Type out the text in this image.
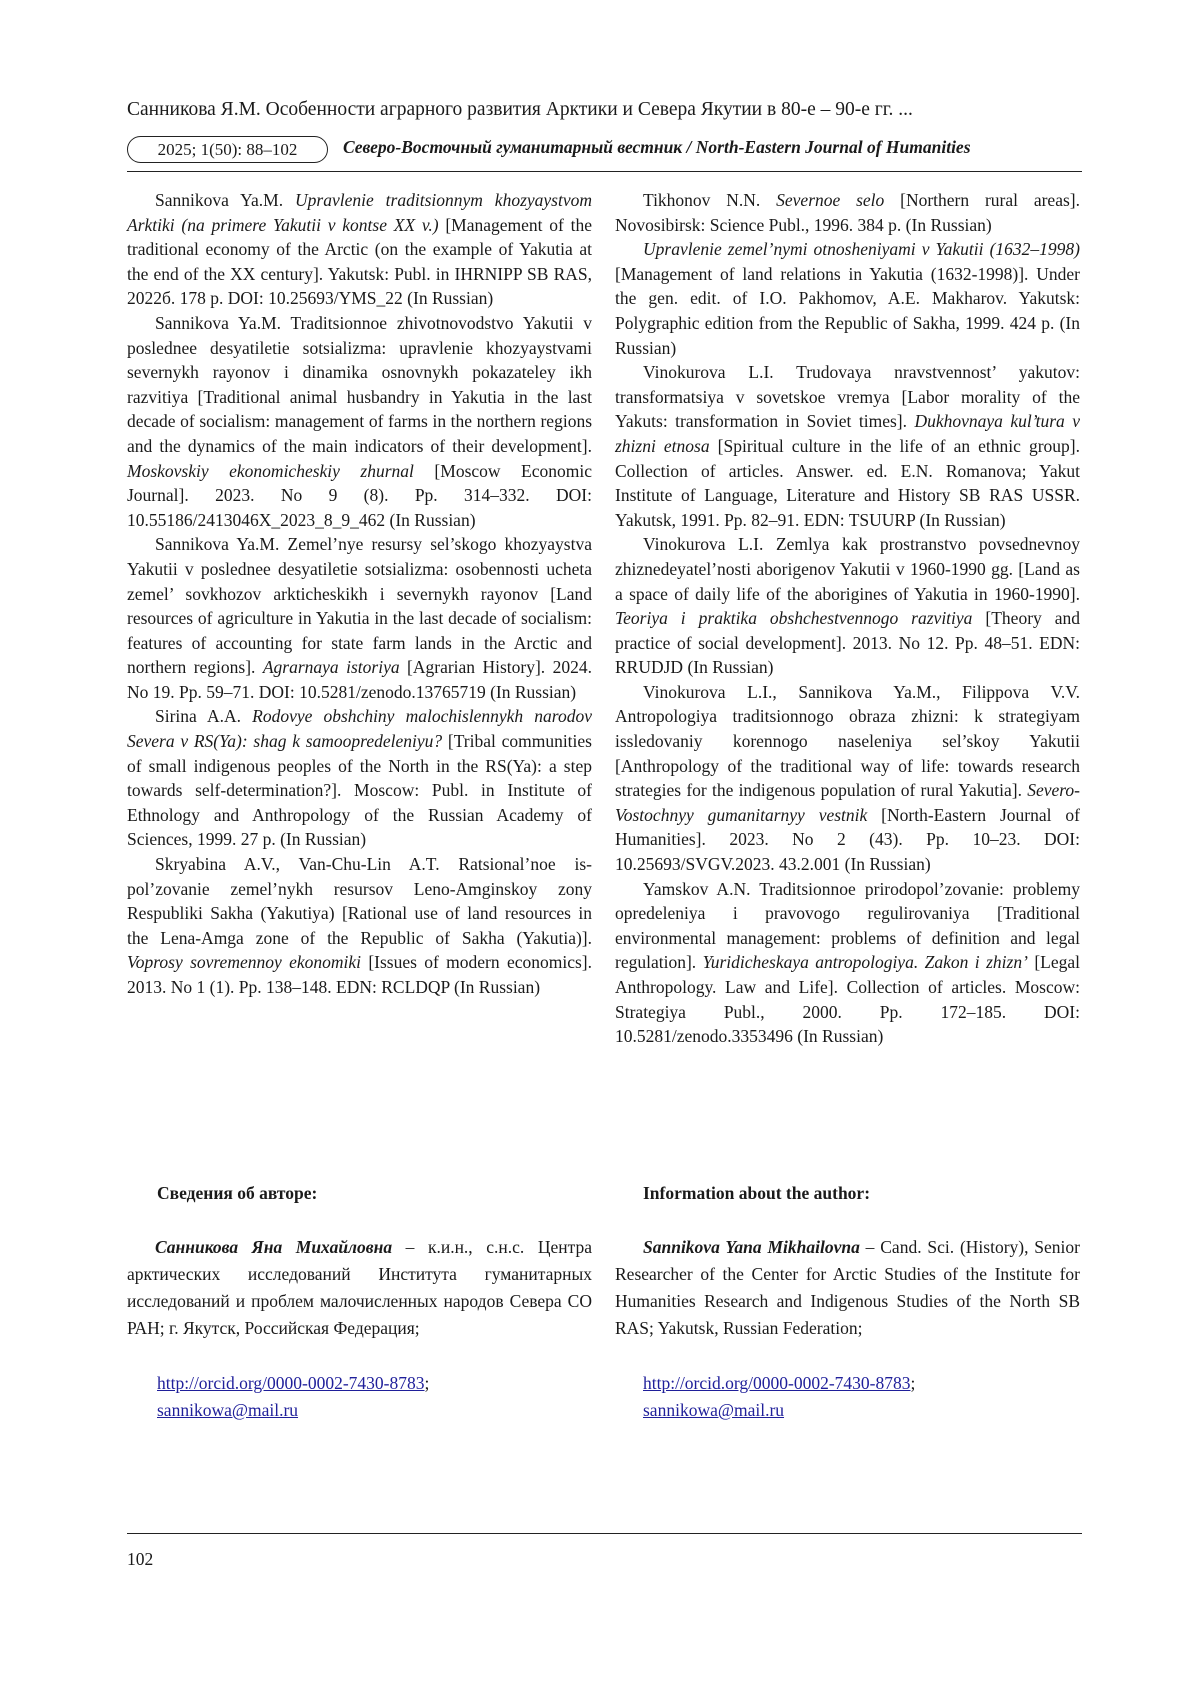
Санникова Я.М. Особенности аграрного развития Арктики и Севера Якутии в 80-е – 90-е гг. ...
2025; 1(50): 88–102	Северо-Восточный гуманитарный вестник / North-Eastern Journal of Humanities

Sannikova Ya.M. Upravlenie traditsionnym khozyaystvom Arktiki (na primere Yakutii v kontse XX v.) [Management of the traditional economy of the Arctic (on the example of Yakutia at the end of the XX century]. Yakutsk: Publ. in IHRNIPP SB RAS, 2022б. 178 p. DOI: 10.25693/YMS_22 (In Russian)

Sannikova Ya.M. Traditsionnoe zhivotnovodstvo Yakutii v poslednee desyatiletie sotsializma: upravlenie khozyaystvami severnykh rayonov i dinamika osnovnykh pokazateley ikh razvitiya [Traditional animal husbandry in Yakutia in the last decade of socialism: management of farms in the northern regions and the dynamics of the main indicators of their development]. Moskovskiy ekonomicheskiy zhurnal [Moscow Economic Journal]. 2023. No 9 (8). Pp. 314–332. DOI: 10.55186/2413046X_2023_8_9_462 (In Russian)

Sannikova Ya.M. Zemel’nye resursy sel’skogo khozyaystva Yakutii v poslednee desyatiletie sotsializma: osobennosti ucheta zemel’ sovkhozov arkticheskikh i severnykh rayonov [Land resources of agriculture in Yakutia in the last decade of socialism: features of accounting for state farm lands in the Arctic and northern regions]. Agrarnaya istoriya [Agrarian History]. 2024. No 19. Pp. 59–71. DOI: 10.5281/zenodo.13765719 (In Russian)

Sirina A.A. Rodovye obshchiny malochislennykh narodov Severa v RS(Ya): shag k samoopredeleniyu? [Tribal communities of small indigenous peoples of the North in the RS(Ya): a step towards self-determination?]. Moscow: Publ. in Institute of Ethnology and Anthropology of the Russian Academy of Sciences, 1999. 27 p. (In Russian)

Skryabina A.V., Van-Chu-Lin A.T. Ratsional’noe ispol’zovanie zemel’nykh resursov Leno-Amginskoy zony Respubliki Sakha (Yakutiya) [Rational use of land resources in the Lena-Amga zone of the Republic of Sakha (Yakutia)]. Voprosy sovremennoy ekonomiki [Issues of modern economics]. 2013. No 1 (1). Pp. 138–148. EDN: RCLDQP (In Russian)

Tikhonov N.N. Severnoe selo [Northern rural areas]. Novosibirsk: Science Publ., 1996. 384 p. (In Russian)

Upravlenie zemel’nymi otnosheniyami v Yakutii (1632–1998) [Management of land relations in Yakutia (1632-1998)]. Under the gen. edit. of I.O. Pakhomov, A.E. Makharov. Yakutsk: Polygraphic edition from the Republic of Sakha, 1999. 424 p. (In Russian)

Vinokurova L.I. Trudovaya nravstvennost’ yakutov: transformatsiya v sovetskoe vremya [Labor morality of the Yakuts: transformation in Soviet times]. Dukhovnaya kul’tura v zhizni etnosa [Spiritual culture in the life of an ethnic group]. Collection of articles. Answer. ed. E.N. Romanova; Yakut Institute of Language, Literature and History SB RAS USSR. Yakutsk, 1991. Pp. 82–91. EDN: TSUURP (In Russian)

Vinokurova L.I. Zemlya kak prostranstvo povsednevnoy zhiznedeyatel’nosti aborigenov Yakutii v 1960-1990 gg. [Land as a space of daily life of the aborigines of Yakutia in 1960-1990]. Teoriya i praktika obshchestvennogo razvitiya [Theory and practice of social development]. 2013. No 12. Pp. 48–51. EDN: RRUDJD (In Russian)

Vinokurova L.I., Sannikova Ya.M., Filippova V.V. Antropologiya traditsionnogo obraza zhizni: k strategiyam issledovaniy korennogo naseleniya sel’skoy Yakutii [Anthropology of the traditional way of life: towards research strategies for the indigenous population of rural Yakutia]. Severo-Vostochnyy gumanitarnyy vestnik [North-Eastern Journal of Humanities]. 2023. No 2 (43). Pp. 10–23. DOI: 10.25693/SVGV.2023. 43.2.001 (In Russian)

Yamskov A.N. Traditsionnoe prirodopol’zovanie: problemy opredeleniya i pravovogo regulirovaniya [Traditional environmental management: problems of definition and legal regulation]. Yuridicheskaya antropologiya. Zakon i zhizn’ [Legal Anthropology. Law and Life]. Collection of articles. Moscow: Strategiya Publ., 2000. Pp. 172–185. DOI: 10.5281/zenodo.3353496 (In Russian)

Сведения об авторе:	Information about the author:

Санникова Яна Михайловна – к.и.н., с.н.с. Центра арктических исследований Института гуманитарных исследований и проблем малочисленных народов Севера СО РАН; г. Якутск, Российская Федерация;

Sannikova Yana Mikhailovna – Cand. Sci. (History), Senior Researcher of the Center for Arctic Studies of the Institute for Humanities Research and Indigenous Studies of the North SB RAS; Yakutsk, Russian Federation;

http://orcid.org/0000-0002-7430-8783;
sannikowa@mail.ru
http://orcid.org/0000-0002-7430-8783;
sannikowa@mail.ru
102
